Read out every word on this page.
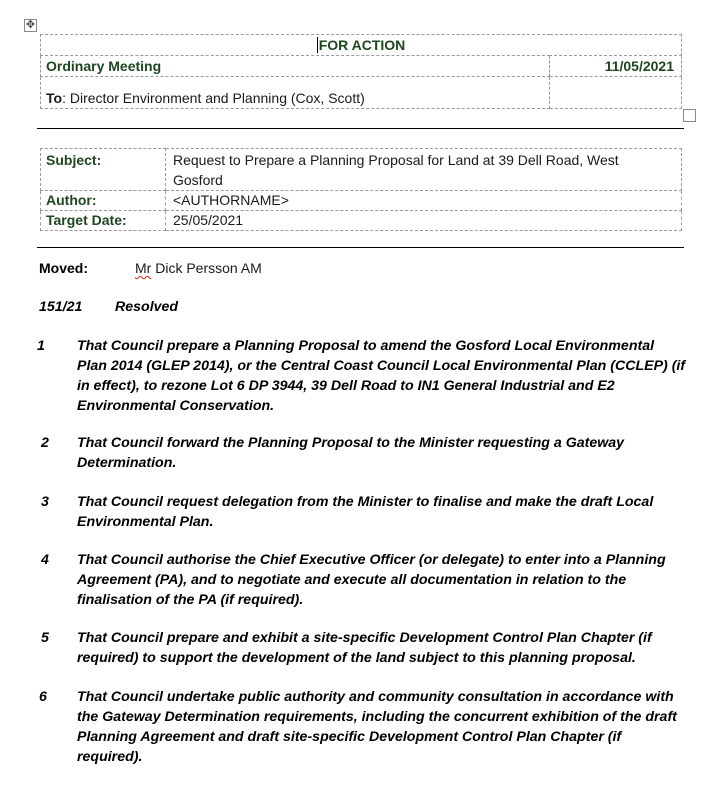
✥
FOR ACTION	
Ordinary Meeting	11/05/2021
To: Director Environment and Planning (Cox, Scott)	
Subject:	Request to Prepare a Planning Proposal for Land at 39 Dell Road, West Gosford

Author:	<AUTHORNAME>
Target Date:	25/05/2021
Moved:	Mr Dick Persson AM
151/21 Resolved
1	That Council prepare a Planning Proposal to amend the Gosford Local Environmental Plan 2014 (GLEP 2014), or the Central Coast Council Local Environmental Plan (CCLEP) (if in effect), to rezone Lot 6 DP 3944, 39 Dell Road to IN1 General Industrial and E2 Environmental Conservation.
2	That Council forward the Planning Proposal to the Minister requesting a Gateway Determination.
3	That Council request delegation from the Minister to finalise and make the draft Local Environmental Plan.
4	That Council authorise the Chief Executive Officer (or delegate) to enter into a Planning Agreement (PA), and to negotiate and execute all documentation in relation to the finalisation of the PA (if required).
5	That Council prepare and exhibit a site-specific Development Control Plan Chapter (if required) to support the development of the land subject to this planning proposal.
6	That Council undertake public authority and community consultation in accordance with the Gateway Determination requirements, including the concurrent exhibition of the draft Planning Agreement and draft site-specific Development Control Plan Chapter (if required).
